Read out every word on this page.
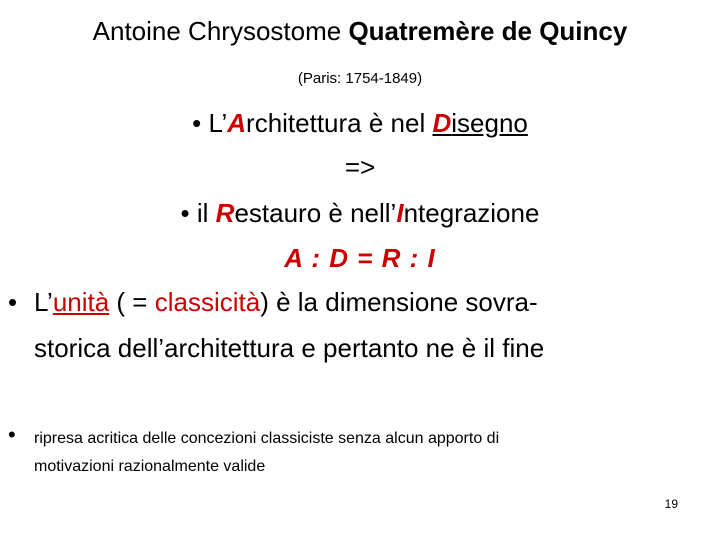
Antoine Chrysostome Quatremère de Quincy
(Paris: 1754-1849)
• L’Architettura è nel Disegno
=>
• il Restauro è nell’Integrazione
A : D = R : I
• L’unità ( = classicità) è la dimensione sovra-
storica dell’architettura e pertanto ne è il fine
• ripresa acritica delle concezioni classiciste senza alcun apporto di
motivazioni razionalmente valide
19
